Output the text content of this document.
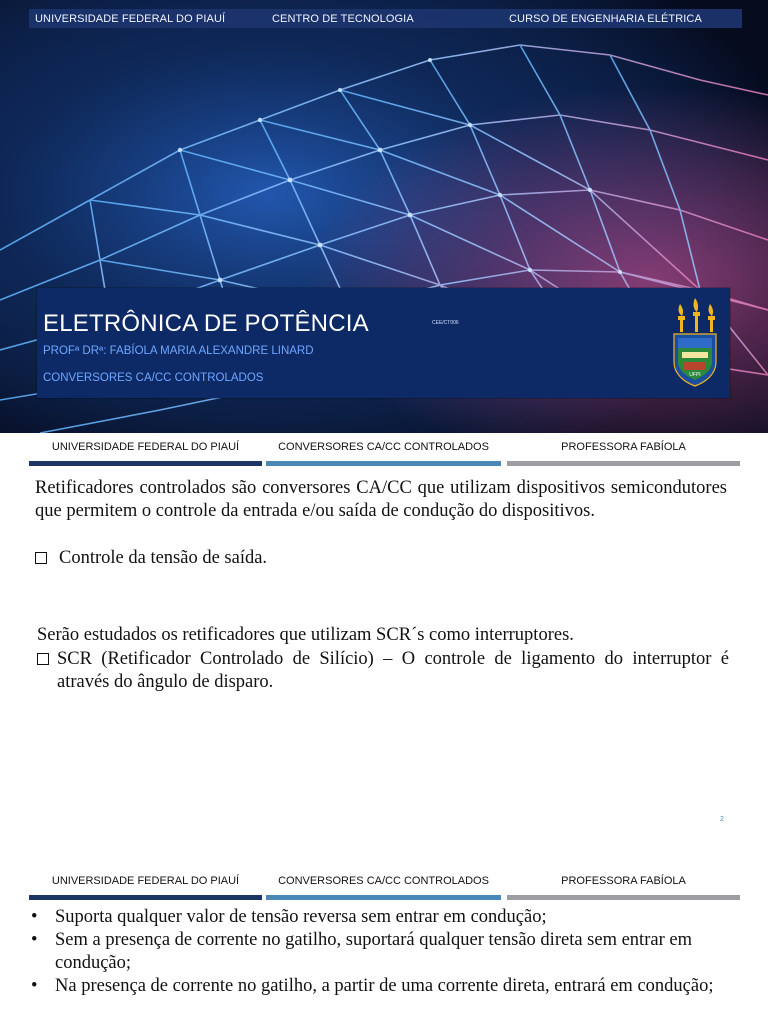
UNIVERSIDADE FEDERAL DO PIAUÍ	CENTRO DE TECNOLOGIA	CURSO DE ENGENHARIA ELÉTRICA
ELETRÔNICA DE POTÊNCIA	CEE/CT006
PROFª DRª: FABÍOLA MARIA ALEXANDRE LINARD
CONVERSORES CA/CC CONTROLADOS	UFPI
UNIVERSIDADE FEDERAL DO PIAUÍ	CONVERSORES CA/CC CONTROLADOS	PROFESSORA FABÍOLA
Retificadores controlados são conversores CA/CC que utilizam dispositivos semicondutores que permitem o controle da entrada e/ou saída de condução do dispositivos.
Controle da tensão de saída.
Serão estudados os retificadores que utilizam SCR´s como interruptores.
SCR (Retificador Controlado de Silício) – O controle de ligamento do interruptor é através do ângulo de disparo.
2
UNIVERSIDADE FEDERAL DO PIAUÍ	CONVERSORES CA/CC CONTROLADOS	PROFESSORA FABÍOLA
• Suporta qualquer valor de tensão reversa sem entrar em condução;
• Sem a presença de corrente no gatilho, suportará qualquer tensão direta sem entrar em condução;
• Na presença de corrente no gatilho, a partir de uma corrente direta, entrará em condução;
